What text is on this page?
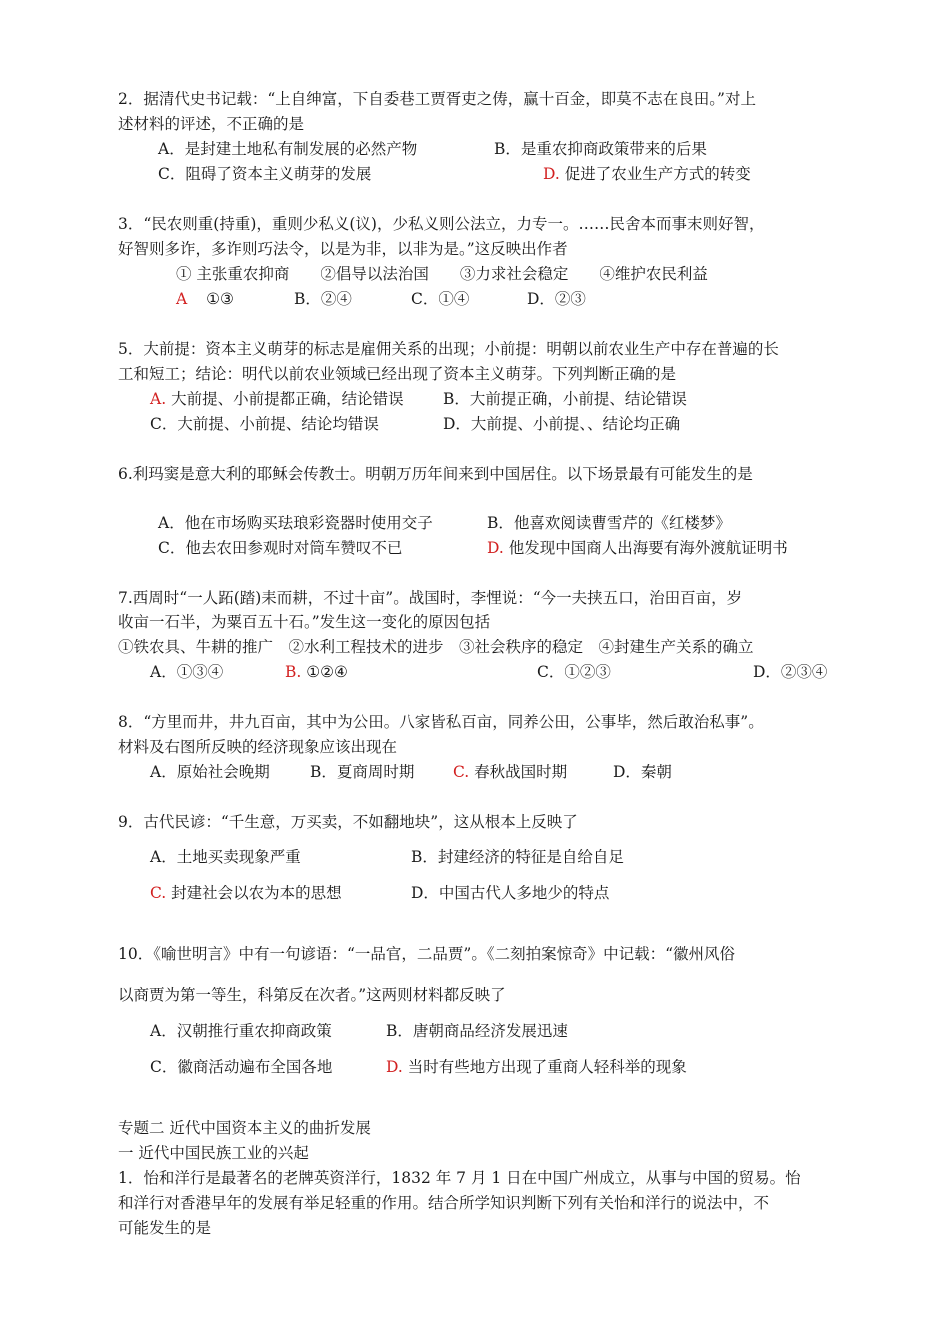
2．据清代史书记载：“上自绅富，下自委巷工贾胥吏之俦，赢十百金，即莫不志在良田。”对上
述材料的评述，不正确的是
A．是封建土地私有制发展的必然产物	B．是重农抑商政策带来的后果
C．阻碍了资本主义萌芽的发展	D. 促进了农业生产方式的转变
3．“民农则重(持重)，重则少私义(议)，少私义则公法立，力专一。……民舍本而事末则好智，
好智则多诈，多诈则巧法令，以是为非，以非为是。”这反映出作者
① 主张重农抑商　　②倡导以法治国　　③力求社会稳定　　④维护农民利益
A ①③	B．②④	C．①④	D．②③
5．大前提：资本主义萌芽的标志是雇佣关系的出现；小前提：明朝以前农业生产中存在普遍的长
工和短工；结论：明代以前农业领域已经出现了资本主义萌芽。下列判断正确的是
A. 大前提、小前提都正确，结论错误	B．大前提正确，小前提、结论错误
C．大前提、小前提、结论均错误	D．大前提、小前提、、结论均正确
6.利玛窦是意大利的耶稣会传教士。明朝万历年间来到中国居住。以下场景最有可能发生的是
A．他在市场购买珐琅彩瓷器时使用交子	B．他喜欢阅读曹雪芹的《红楼梦》
C．他去农田参观时对筒车赞叹不已	D. 他发现中国商人出海要有海外渡航证明书
7.西周时“一人跖(踏)耒而耕，不过十亩”。战国时，李悝说：“今一夫挟五口，治田百亩，岁
收亩一石半，为粟百五十石。”发生这一变化的原因包括
①铁农具、牛耕的推广　②水利工程技术的进步　③社会秩序的稳定　④封建生产关系的确立
A．①③④	B. ①②④	C．①②③	D．②③④
8．“方里而井，井九百亩，其中为公田。八家皆私百亩，同养公田，公事毕，然后敢治私事”。
材料及右图所反映的经济现象应该出现在
A．原始社会晚期	B．夏商周时期 C. 春秋战国时期	D．秦朝
9．古代民谚：“千生意，万买卖，不如翻地块”，这从根本上反映了
A．土地买卖现象严重	B．封建经济的特征是自给自足
C. 封建社会以农为本的思想	D．中国古代人多地少的特点
10．《喻世明言》中有一句谚语：“一品官，二品贾”。《二刻拍案惊奇》中记载：“徽州风俗
以商贾为第一等生，科第反在次者。”这两则材料都反映了
A．汉朝推行重农抑商政策	B．唐朝商品经济发展迅速
C．徽商活动遍布全国各地	D. 当时有些地方出现了重商人轻科举的现象
专题二 近代中国资本主义的曲折发展
一 近代中国民族工业的兴起
1．怡和洋行是最著名的老牌英资洋行，1832 年 7 月 1 日在中国广州成立，从事与中国的贸易。怡
和洋行对香港早年的发展有举足轻重的作用。结合所学知识判断下列有关怡和洋行的说法中，不
可能发生的是
